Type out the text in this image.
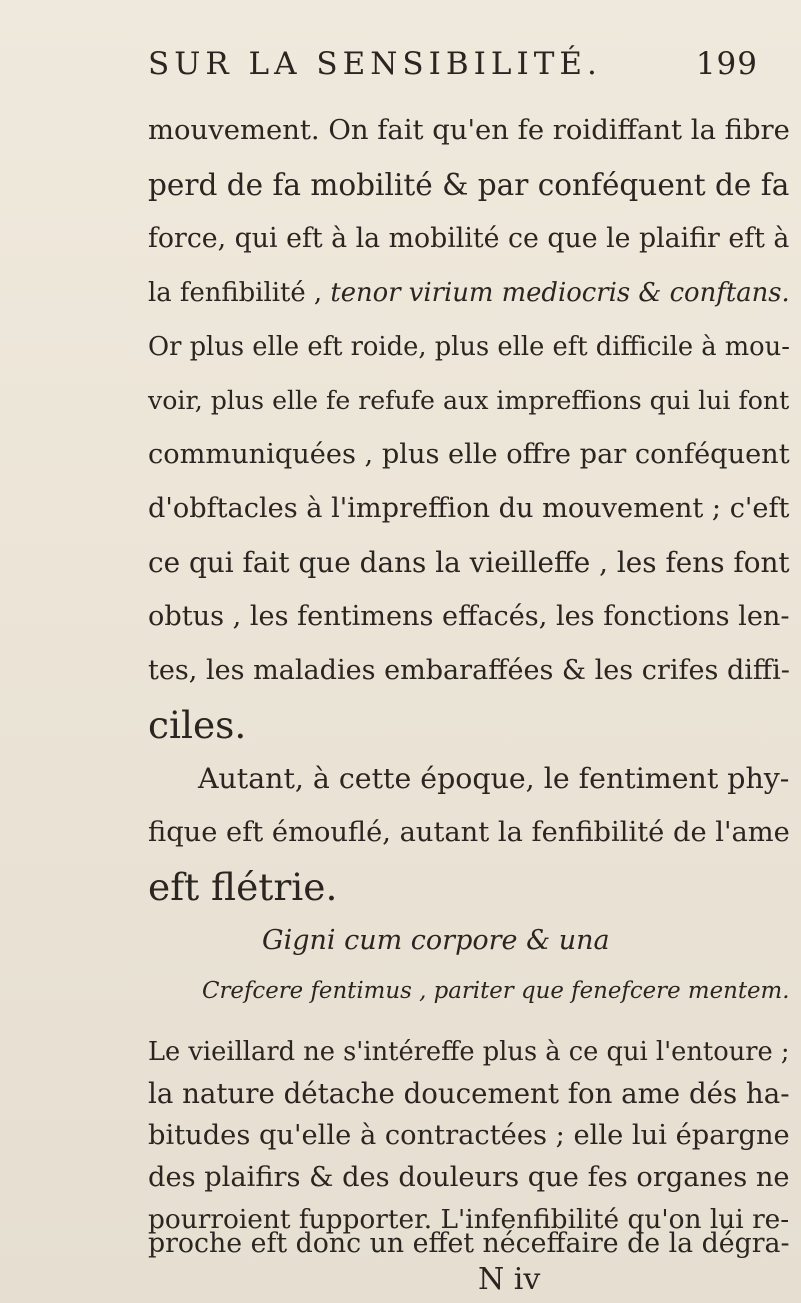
SUR LA SENSIBILITÉ.	199
mouvement. On fait qu'en fe roidiffant la fibre
perd de fa mobilité & par conféquent de fa
force, qui eft à la mobilité ce que le plaifir eft à
la fenfibilité , tenor virium mediocris & conftans.
Or plus elle eft roide, plus elle eft difficile à mou-
voir, plus elle fe refufe aux impreffions qui lui font
communiquées , plus elle offre par conféquent
d'obftacles à l'impreffion du mouvement ; c'eft
ce qui fait que dans la vieilleffe , les fens font
obtus , les fentimens effacés, les fonctions len-
tes, les maladies embaraffées & les crifes diffi-
ciles.
Autant, à cette époque, le fentiment phy-
fique eft émouflé, autant la fenfibilité de l'ame
eft flétrie.
Gigni cum corpore & una
Crefcere fentimus , pariter que fenefcere mentem.
Le vieillard ne s'intéreffe plus à ce qui l'entoure ;
la nature détache doucement fon ame dés ha-
bitudes qu'elle à contractées ; elle lui épargne
des plaifirs & des douleurs que fes organes ne
pourroient fupporter. L'infenfibilité qu'on lui re-
N iv
proche eft donc un effet néceffaire de la dégra-
